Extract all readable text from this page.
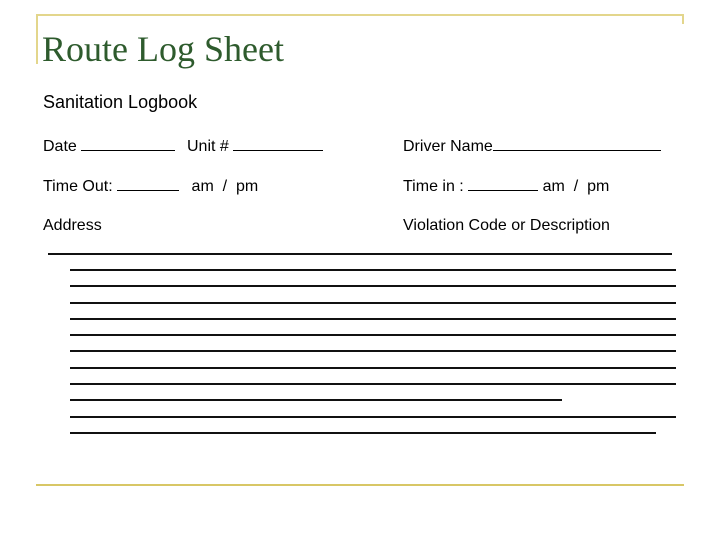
Route Log Sheet
Sanitation Logbook
Date	Unit #	Driver Name
Time Out:	am  /  pm	Time in :	am  /  pm
Address	Violation Code or Description
